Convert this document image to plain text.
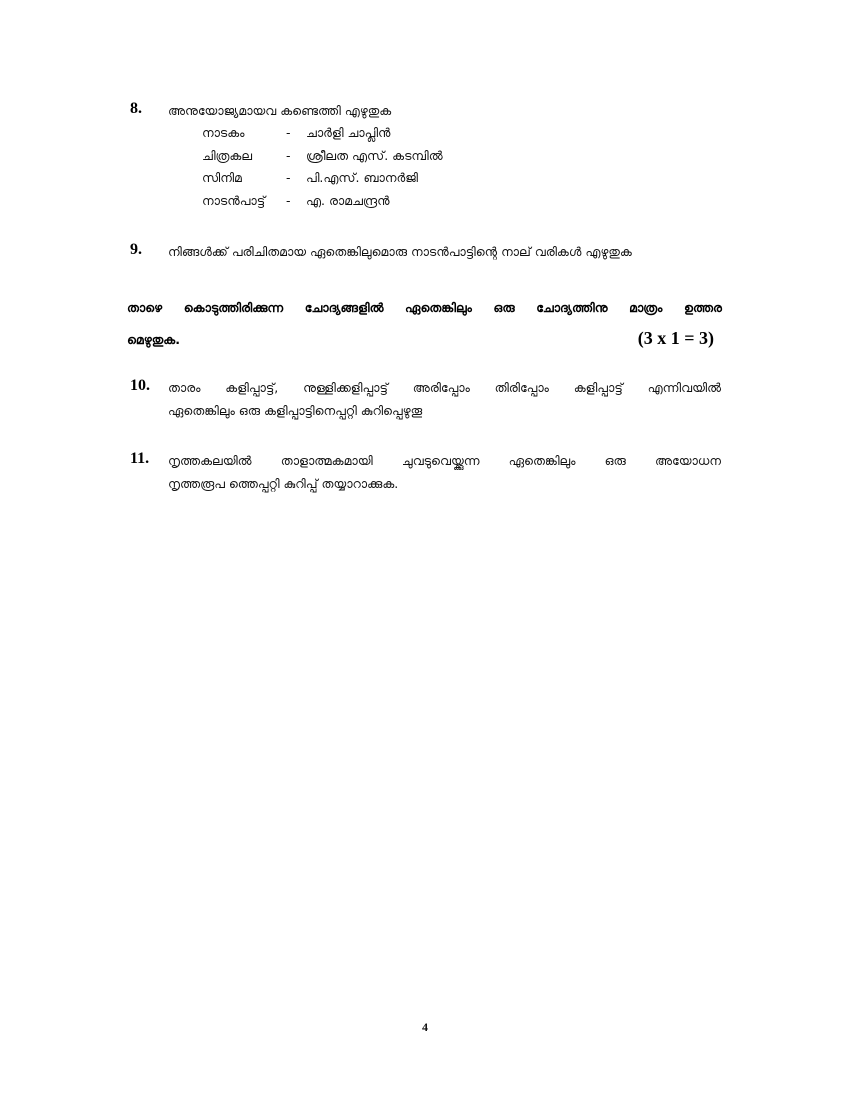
8. അനുയോജ്യമായവ കണ്ടെത്തി എഴുതുക
നാടകം	-	ചാർളി ചാപ്ലിൻ
ചിത്രകല	-	ശ്രീലത എസ്. കടമ്പിൽ
സിനിമ	-	പി.എസ്. ബാനർജി
നാടൻപാട്ട്	-	എ. രാമചന്ദ്രൻ
9. നിങ്ങൾക്ക് പരിചിതമായ ഏതെങ്കിലുമൊരു നാടൻപാട്ടിന്റെ നാല് വരികൾ എഴുതുക
താഴെ കൊടുത്തിരിക്കുന്ന ചോദ്യങ്ങളിൽ ഏതെങ്കിലും ഒരു ചോദ്യത്തിനു മാത്രം ഉത്തര
മെഴുതുക.	(3 x 1 = 3)
10. താരം കളിപ്പാട്ട്, നുള്ളിക്കളിപ്പാട്ട് അരിപ്പോം തിരിപ്പോം കളിപ്പാട്ട് എന്നിവയിൽ
ഏതെങ്കിലും ഒരു കളിപ്പാട്ടിനെപ്പറ്റി കുറിപ്പെഴുതൂ
11. നൃത്തകലയിൽ താളാത്മകമായി ചുവടുവെയ്ക്കുന്ന ഏതെങ്കിലും ഒരു അയോധന
നൃത്തരൂപ ത്തെപ്പറ്റി കുറിപ്പ് തയ്യാറാക്കുക.
4
